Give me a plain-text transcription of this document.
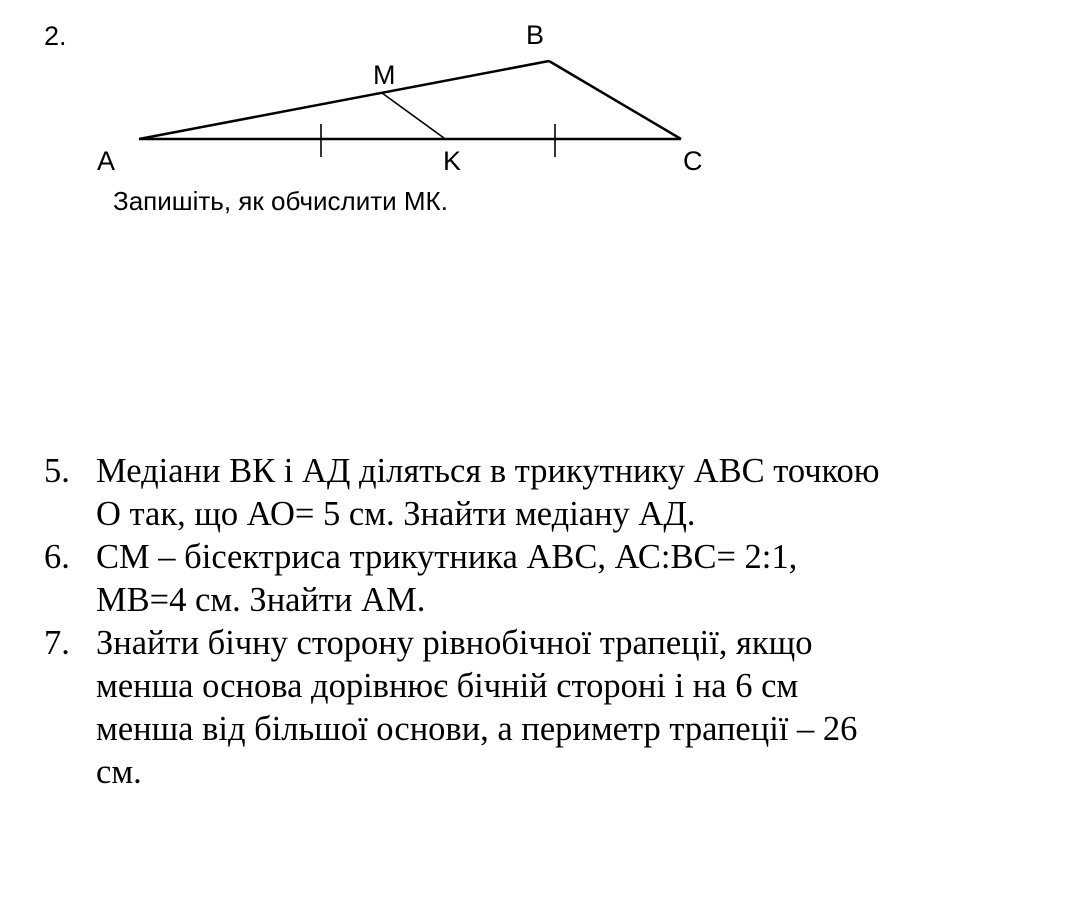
2.
A	K	C
M
B
Запишіть, як обчислити МК.
5. Медіани ВК і АД діляться в трикутнику АВС точкою
О так, що АО= 5 см. Знайти медіану АД.
6. СМ – бісектриса трикутника АВС, АС:ВС= 2:1,
МВ=4 см. Знайти АМ.
7. Знайти бічну сторону рівнобічної трапеції, якщо
менша основа дорівнює бічній стороні і на 6 см
менша від більшої основи, а периметр трапеції – 26
см.
